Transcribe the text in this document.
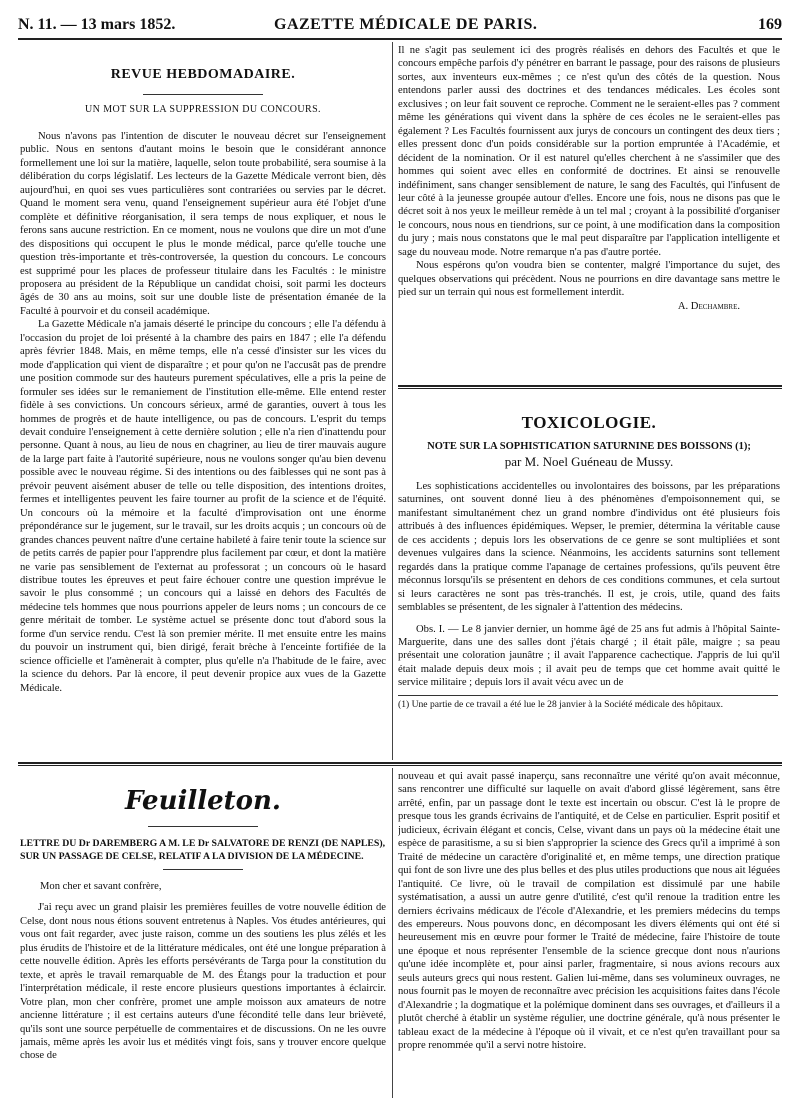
N. 11. — 13 mars 1852.	GAZETTE MÉDICALE DE PARIS.	169
REVUE HEBDOMADAIRE.
UN MOT SUR LA SUPPRESSION DU CONCOURS.

Nous n'avons pas l'intention de discuter le nouveau décret sur l'enseignement public. Nous en sentons d'autant moins le besoin que le considérant annonce formellement une loi sur la matière, laquelle, selon toute probabilité, sera soumise à la délibération du corps législatif. Les lecteurs de la Gazette Médicale verront bien, dès aujourd'hui, en quoi ses vues particulières sont contrariées ou servies par le décret. Quand le moment sera venu, quand l'enseignement supérieur aura été l'objet d'une complète et définitive réorganisation, il sera temps de nous expliquer, et nous le ferons sans aucune restriction. En ce moment, nous ne voulons que dire un mot d'une des dispositions qui occupent le plus le monde médical, parce qu'elle touche une question très-importante et très-controversée, la question du concours. Le concours est supprimé pour les places de professeur titulaire dans les Facultés : le ministre proposera au président de la République un candidat choisi, soit parmi les docteurs âgés de 30 ans au moins, soit sur une double liste de présentation émanée de la Faculté à pourvoir et du conseil académique.

La Gazette Médicale n'a jamais déserté le principe du concours ; elle l'a défendu à l'occasion du projet de loi présenté à la chambre des pairs en 1847 ; elle l'a défendu après février 1848. Mais, en même temps, elle n'a cessé d'insister sur les vices du mode d'application qui vient de disparaître ; et pour qu'on ne l'accusât pas de prendre une position commode sur des hauteurs purement spéculatives, elle a pris la peine de formuler ses idées sur le remaniement de l'institution elle-même. Elle entend rester fidèle à ses convictions. Un concours sérieux, armé de garanties, ouvert à tous les hommes de progrès et de haute intelligence, ou pas de concours. L'esprit du temps devait conduire l'enseignement à cette dernière solution ; elle n'a rien d'inattendu pour personne. Quant à nous, au lieu de nous en chagriner, au lieu de tirer mauvais augure de la large part faite à l'autorité supérieure, nous ne voulons songer qu'au bien devenu possible avec le nouveau régime. Si des intentions ou des faiblesses qui ne sont pas à prévoir peuvent aisément abuser de telle ou telle disposition, des intentions droites, fermes et intelligentes peuvent les faire tourner au profit de la science et de l'équité. Un concours où la mémoire et la faculté d'improvisation ont une énorme prépondérance sur le jugement, sur le travail, sur les droits acquis ; un concours où de grandes chances peuvent naître d'une certaine habileté à faire tenir toute la science sur de petits carrés de papier pour l'apprendre plus facilement par cœur, et dont la matière ne varie pas sensiblement de l'externat au professorat ; un concours où le hasard distribue toutes les épreuves et peut faire échouer contre une question imprévue le savoir le plus consommé ; un concours qui a laissé en dehors des Facultés de médecine tels hommes que nous pourrions appeler de leurs noms ; un concours de ce genre méritait de tomber. Le système actuel se présente donc tout d'abord sous la forme d'un service rendu. C'est là son premier mérite. Il met ensuite entre les mains du pouvoir un instrument qui, bien dirigé, ferait brèche à l'enceinte fortifiée de la science officielle et l'amènerait à compter, plus qu'elle n'a l'habitude de le faire, avec la science du dehors. Par là encore, il peut devenir propice aux vues de la Gazette Médicale.

Il ne s'agit pas seulement ici des progrès réalisés en dehors des Facultés et que le concours empêche parfois d'y pénétrer en barrant le passage, pour des raisons de plusieurs sortes, aux inventeurs eux-mêmes ; ce n'est qu'un des côtés de la question. Nous entendons parler aussi des doctrines et des tendances médicales. Les écoles sont exclusives ; on leur fait souvent ce reproche. Comment ne le seraient-elles pas ? comment même les générations qui vivent dans la sphère de ces écoles ne le seraient-elles pas également ? Les Facultés fournissent aux jurys de concours un contingent des deux tiers ; elles pressent donc d'un poids considérable sur la portion empruntée à l'Académie, et décident de la nomination. Or il est naturel qu'elles cherchent à ne s'assimiler que des hommes qui soient avec elles en conformité de doctrines. Et ainsi se renouvelle indéfiniment, sans changer sensiblement de nature, le sang des Facultés, qui l'infusent de leur côté à la jeunesse groupée autour d'elles. Encore une fois, nous ne disons pas que le décret soit à nos yeux le meilleur remède à un tel mal ; croyant à la possibilité d'organiser le concours, nous nous en tiendrions, sur ce point, à une modification dans la composition du jury ; mais nous constatons que le mal peut disparaître par l'application intelligente et sage du nouveau mode. Notre remarque n'a pas d'autre portée.

Nous espérons qu'on voudra bien se contenter, malgré l'importance du sujet, des quelques observations qui précèdent. Nous ne pourrions en dire davantage sans mettre le pied sur un terrain qui nous est formellement interdit.

A. Dechambre.
TOXICOLOGIE.
NOTE SUR LA SOPHISTICATION SATURNINE DES BOISSONS (1);
par M. Noel Guéneau de Mussy.

Les sophistications accidentelles ou involontaires des boissons, par les préparations saturnines, ont souvent donné lieu à des phénomènes d'empoisonnement qui, se manifestant simultanément chez un grand nombre d'individus ont été plusieurs fois attribués à des influences épidémiques. Wepser, le premier, détermina la véritable cause de ces accidents ; depuis lors les observations de ce genre se sont multipliées et sont devenues vulgaires dans la science. Néanmoins, les accidents saturnins sont tellement regardés dans la pratique comme l'apanage de certaines professions, qu'ils peuvent être méconnus lorsqu'ils se présentent en dehors de ces conditions communes, et cela surtout si leurs caractères ne sont pas très-tranchés. Il est, je crois, utile, quand des faits semblables se présentent, de les signaler à l'attention des médecins.

Obs. I. — Le 8 janvier dernier, un homme âgé de 25 ans fut admis à l'hôpital Sainte-Marguerite, dans une des salles dont j'étais chargé ; il était pâle, maigre ; sa peau présentait une coloration jaunâtre ; il avait l'apparence cachectique. J'appris de lui qu'il était malade depuis deux mois ; il avait peu de temps que cet homme avait quitté le service militaire ; depuis lors il avait vécu avec un de

(1) Une partie de ce travail a été lue le 28 janvier à la Société médicale des hôpitaux.
Feuilleton.
LETTRE DU Dr DAREMBERG A M. LE Dr SALVATORE DE RENZI (DE NAPLES), SUR UN PASSAGE DE CELSE, RELATIF A LA DIVISION DE LA MÉDECINE.
Mon cher et savant confrère,

J'ai reçu avec un grand plaisir les premières feuilles de votre nouvelle édition de Celse, dont nous nous étions souvent entretenus à Naples. Vos études antérieures, qui vous ont fait regarder, avec juste raison, comme un des soutiens les plus zélés et les plus érudits de l'histoire et de la littérature médicales, ont été une longue préparation à cette nouvelle édition. Après les efforts persévérants de Targa pour la constitution du texte, et après le travail remarquable de M. des Étangs pour la traduction et pour l'interprétation médicale, il reste encore plusieurs questions importantes à éclaircir. Votre plan, mon cher confrère, promet une ample moisson aux amateurs de notre ancienne littérature ; il est certains auteurs d'une fécondité telle dans leur brièveté, qu'ils sont une source perpétuelle de commentaires et de discussions. On ne les ouvre jamais, même après les avoir lus et médités vingt fois, sans y trouver encore quelque chose de

nouveau et qui avait passé inaperçu, sans reconnaître une vérité qu'on avait méconnue, sans rencontrer une difficulté sur laquelle on avait d'abord glissé légèrement, sans être arrêté, enfin, par un passage dont le texte est incertain ou obscur. C'est là le propre de presque tous les grands écrivains de l'antiquité, et de Celse en particulier. Esprit positif et judicieux, écrivain élégant et concis, Celse, vivant dans un pays où la médecine était une espèce de parasitisme, a su si bien s'approprier la science des Grecs qu'il a imprimé à son Traité de médecine un caractère d'originalité et, en même temps, une direction pratique qui font de son livre une des plus belles et des plus utiles productions que nous ait léguées l'antiquité. Ce livre, où le travail de compilation est dissimulé par une habile systématisation, a aussi un autre genre d'utilité, c'est qu'il renoue la tradition entre les derniers écrivains médicaux de l'école d'Alexandrie, et les premiers médecins du temps des empereurs. Nous pouvons donc, en décomposant les divers éléments qui ont été si heureusement mis en œuvre pour former le Traité de médecine, faire l'histoire de toute une époque et nous représenter l'ensemble de la science grecque dont nous n'aurions qu'une idée incomplète et, pour ainsi parler, fragmentaire, si nous avions recours aux seuls auteurs grecs qui nous restent. Galien lui-même, dans ses volumineux ouvrages, ne nous fournit pas le moyen de reconnaître avec précision les acquisitions faites dans l'école d'Alexandrie ; la dogmatique et la polémique dominent dans ses ouvrages, et d'ailleurs il a plutôt cherché à établir un système régulier, une doctrine générale, qu'à nous présenter le tableau exact de la médecine à l'époque où il vivait, et ce n'est qu'en travaillant pour sa propre renommée qu'il a servi notre histoire.
